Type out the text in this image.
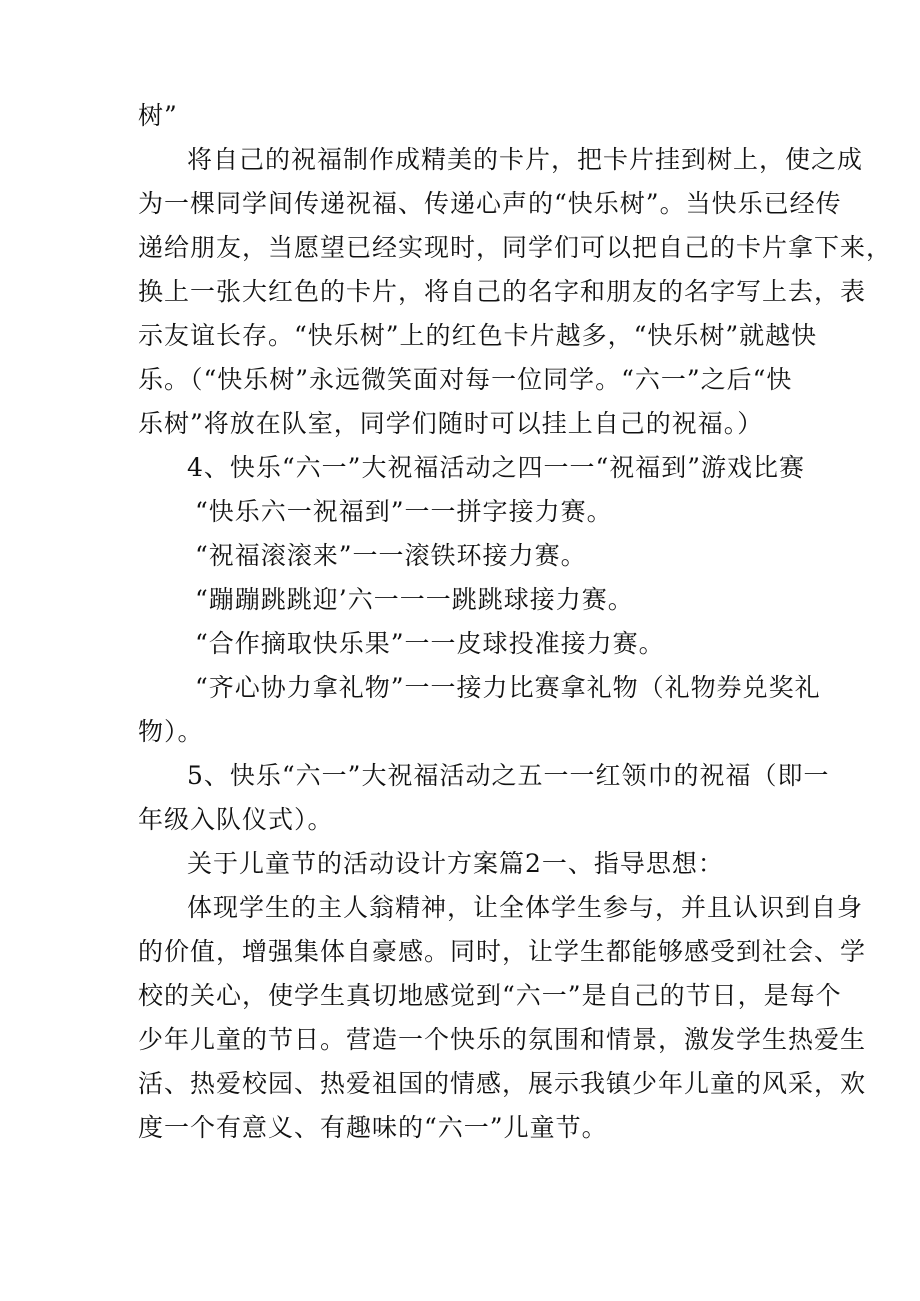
树”

将自己的祝福制作成精美的卡片，把卡片挂到树上，使之成

为一棵同学间传递祝福、传递心声的“快乐树”。当快乐已经传

递给朋友，当愿望已经实现时，同学们可以把自己的卡片拿下来，

换上一张大红色的卡片，将自己的名字和朋友的名字写上去，表

示友谊长存。“快乐树”上的红色卡片越多，“快乐树”就越快

乐。（“快乐树”永远微笑面对每一位同学。“六一”之后“快

乐树”将放在队室，同学们随时可以挂上自己的祝福。）

4、快乐“六一”大祝福活动之四一一“祝福到”游戏比赛

“快乐六一祝福到”一一拼字接力赛。

“祝福滚滚来”一一滚铁环接力赛。

“蹦蹦跳跳迎’六一一一跳跳球接力赛。

“合作摘取快乐果”一一皮球投准接力赛。

“齐心协力拿礼物”一一接力比赛拿礼物（礼物券兑奖礼

物）。

5、快乐“六一”大祝福活动之五一一红领巾的祝福（即一

年级入队仪式）。

关于儿童节的活动设计方案篇2一、指导思想：

体现学生的主人翁精神，让全体学生参与，并且认识到自身

的价值，增强集体自豪感。同时，让学生都能够感受到社会、学

校的关心，使学生真切地感觉到“六一”是自己的节日，是每个

少年儿童的节日。营造一个快乐的氛围和情景，激发学生热爱生

活、热爱校园、热爱祖国的情感，展示我镇少年儿童的风采，欢

度一个有意义、有趣味的“六一”儿童节。
